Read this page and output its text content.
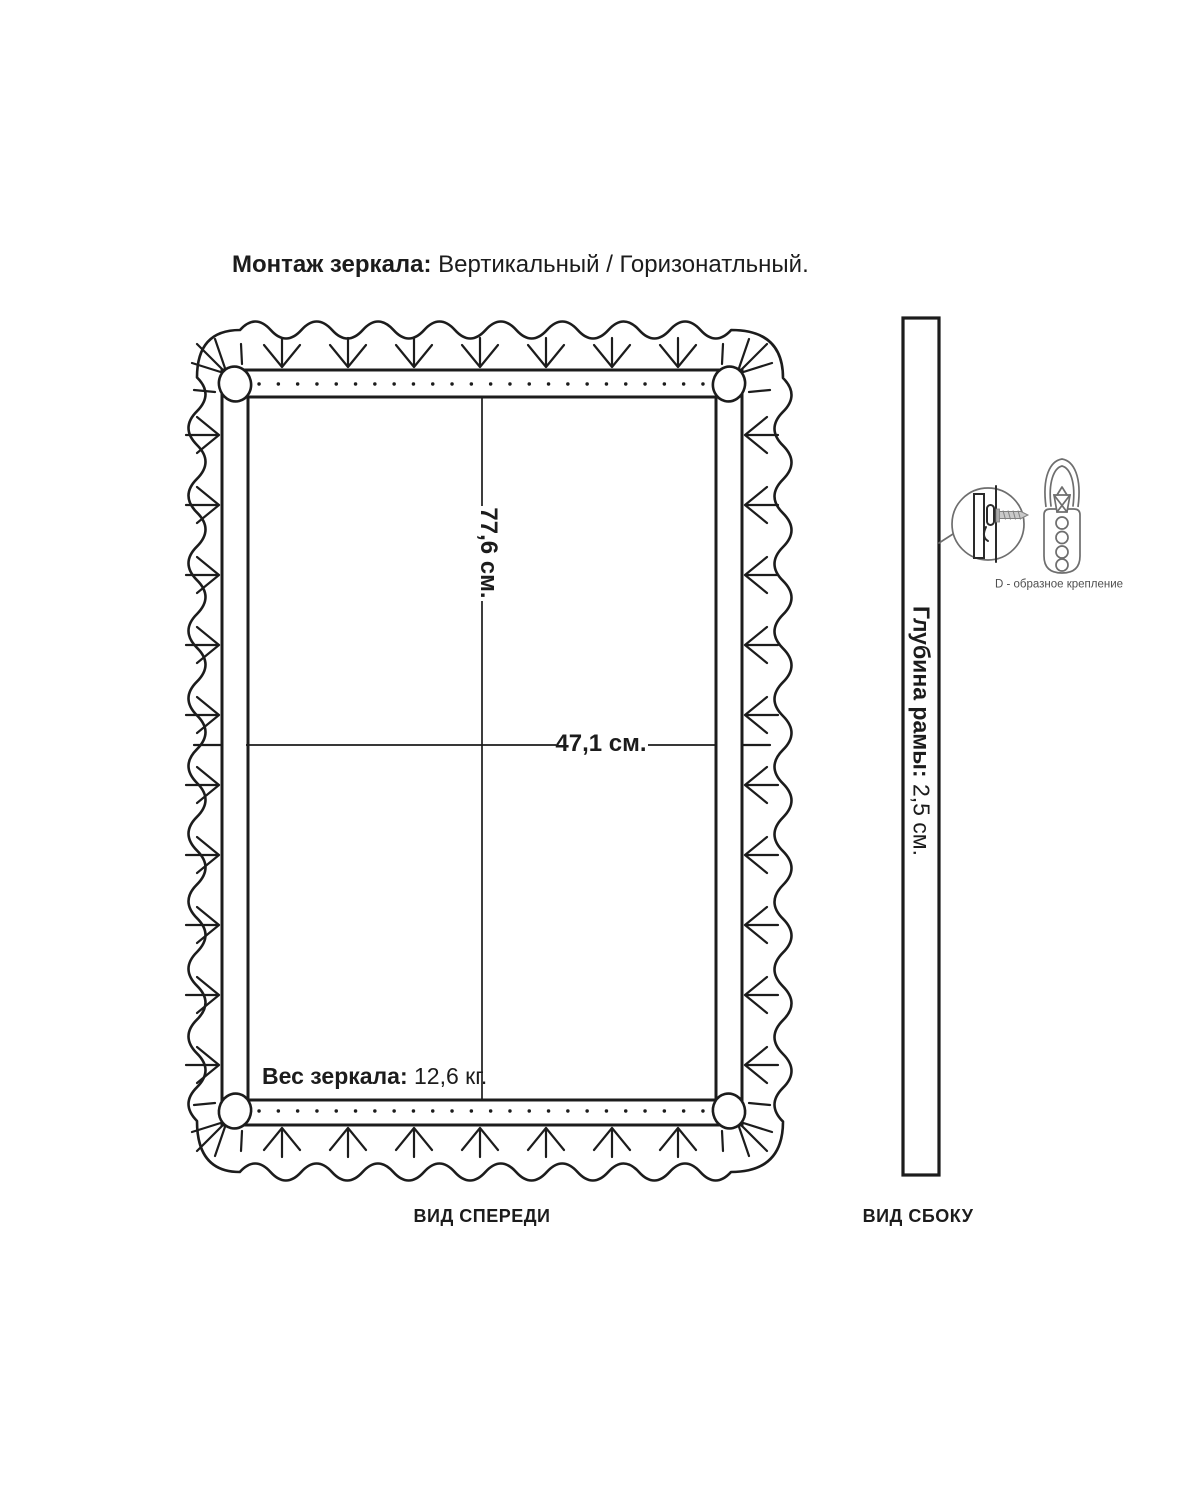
Монтаж зеркала: Вертикальный / Горизонатльный.
77,6 см.
47,1 см.
Вес зеркала: 12,6 кг.
Глубина рамы: 2,5 см.
D - образное крепление
ВИД СПЕРЕДИ	ВИД СБОКУ
